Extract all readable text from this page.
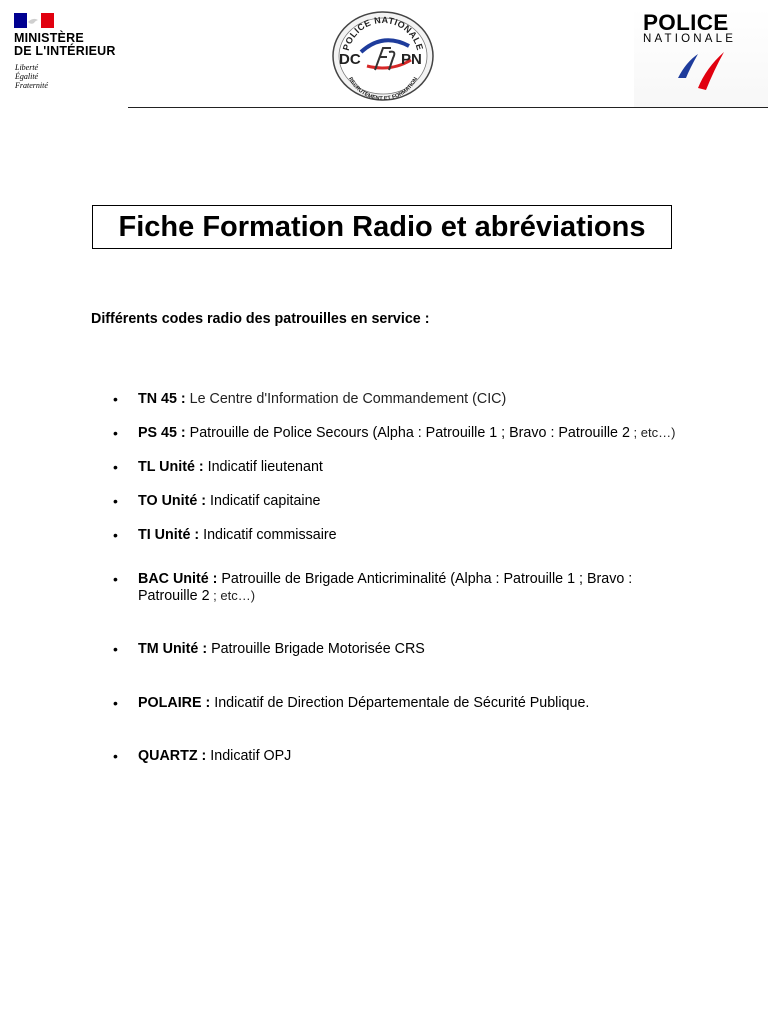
MINISTÈRE
DE L'INTÉRIEUR
Liberté
Égalité
Fraternité
POLICE NATIONALE
RECRUTEMENT ET FORMATION
DC	PN
POLICE
NATIONALE
Fiche Formation Radio et abréviations
Différents codes radio des patrouilles en service :
• TN 45 : Le Centre d'Information de Commandement (CIC)
• PS 45 : Patrouille de Police Secours (Alpha : Patrouille 1 ; Bravo : Patrouille 2 ; etc…)
• TL Unité : Indicatif lieutenant
• TO Unité : Indicatif capitaine
• TI Unité : Indicatif commissaire
• BAC Unité : Patrouille de Brigade Anticriminalité (Alpha : Patrouille 1 ; Bravo : Patrouille 2 ; etc…)
• TM Unité : Patrouille Brigade Motorisée CRS
• POLAIRE : Indicatif de Direction Départementale de Sécurité Publique.
• QUARTZ : Indicatif OPJ
